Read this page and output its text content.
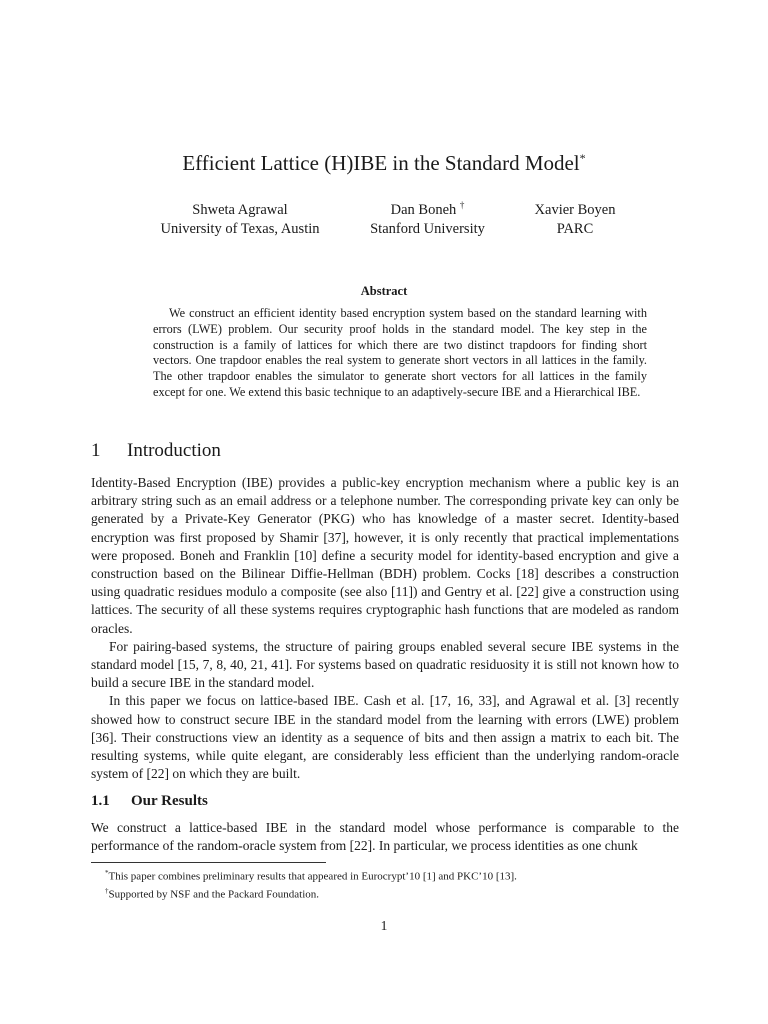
Efficient Lattice (H)IBE in the Standard Model*
Shweta Agrawal
University of Texas, Austin
Dan Boneh †
Stanford University
Xavier Boyen
PARC
Abstract
We construct an efficient identity based encryption system based on the standard learning with errors (LWE) problem. Our security proof holds in the standard model. The key step in the construction is a family of lattices for which there are two distinct trapdoors for finding short vectors. One trapdoor enables the real system to generate short vectors in all lattices in the family. The other trapdoor enables the simulator to generate short vectors for all lattices in the family except for one. We extend this basic technique to an adaptively-secure IBE and a Hierarchical IBE.
1 Introduction

Identity-Based Encryption (IBE) provides a public-key encryption mechanism where a public key is an arbitrary string such as an email address or a telephone number. The corresponding private key can only be generated by a Private-Key Generator (PKG) who has knowledge of a master secret. Identity-based encryption was first proposed by Shamir [37], however, it is only recently that practical implementations were proposed. Boneh and Franklin [10] define a security model for identity-based encryption and give a construction based on the Bilinear Diffie-Hellman (BDH) problem. Cocks [18] describes a construction using quadratic residues modulo a composite (see also [11]) and Gentry et al. [22] give a construction using lattices. The security of all these systems requires cryptographic hash functions that are modeled as random oracles.

For pairing-based systems, the structure of pairing groups enabled several secure IBE systems in the standard model [15, 7, 8, 40, 21, 41]. For systems based on quadratic residuosity it is still not known how to build a secure IBE in the standard model.

In this paper we focus on lattice-based IBE. Cash et al. [17, 16, 33], and Agrawal et al. [3] recently showed how to construct secure IBE in the standard model from the learning with errors (LWE) problem [36]. Their constructions view an identity as a sequence of bits and then assign a matrix to each bit. The resulting systems, while quite elegant, are considerably less efficient than the underlying random-oracle system of [22] on which they are built.

1.1 Our Results

We construct a lattice-based IBE in the standard model whose performance is comparable to the performance of the random-oracle system from [22]. In particular, we process identities as one chunk

*This paper combines preliminary results that appeared in Eurocrypt’10 [1] and PKC’10 [13].
†Supported by NSF and the Packard Foundation.
1
